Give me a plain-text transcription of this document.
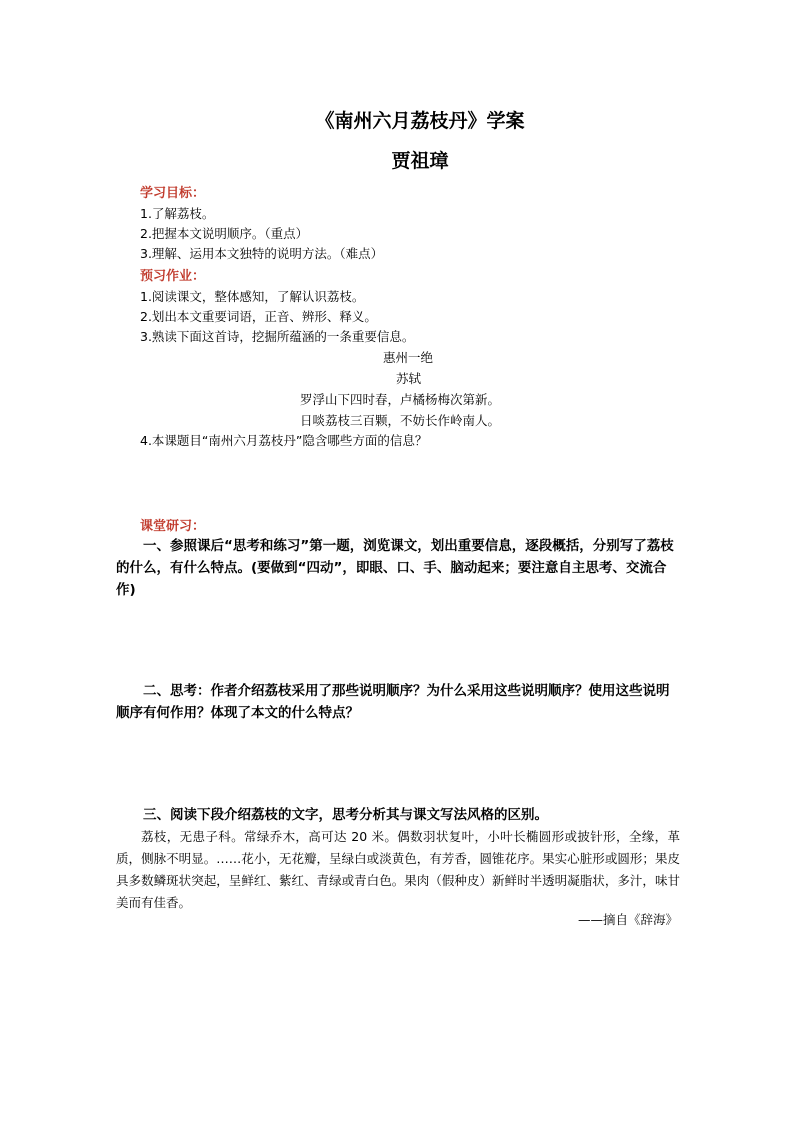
《南州六月荔枝丹》学案
贾祖璋
学习目标：
1.了解荔枝。
2.把握本文说明顺序。（重点）
3.理解、运用本文独特的说明方法。（难点）
预习作业：
1.阅读课文，整体感知，了解认识荔枝。
2.划出本文重要词语，正音、辨形、释义。
3.熟读下面这首诗，挖掘所蕴涵的一条重要信息。
惠州一绝
苏轼
罗浮山下四时春，卢橘杨梅次第新。
日啖荔枝三百颗，不妨长作岭南人。
4.本课题目“南州六月荔枝丹”隐含哪些方面的信息？
课堂研习：
一、参照课后“思考和练习”第一题，浏览课文，划出重要信息，逐段概括，分别写了荔枝的什么，有什么特点。(要做到“四动”，即眼、口、手、脑动起来；要注意自主思考、交流合作)
二、思考：作者介绍荔枝采用了那些说明顺序？为什么采用这些说明顺序？使用这些说明顺序有何作用？体现了本文的什么特点？
三、阅读下段介绍荔枝的文字，思考分析其与课文写法风格的区别。
荔枝，无患子科。常绿乔木，高可达 20 米。偶数羽状复叶，小叶长椭圆形或披针形，全缘，革质，侧脉不明显。……花小，无花瓣，呈绿白或淡黄色，有芳香，圆锥花序。果实心脏形或圆形；果皮具多数鳞斑状突起，呈鲜红、紫红、青绿或青白色。果肉（假种皮）新鲜时半透明凝脂状，多汁，味甘美而有佳香。
——摘自《辞海》
